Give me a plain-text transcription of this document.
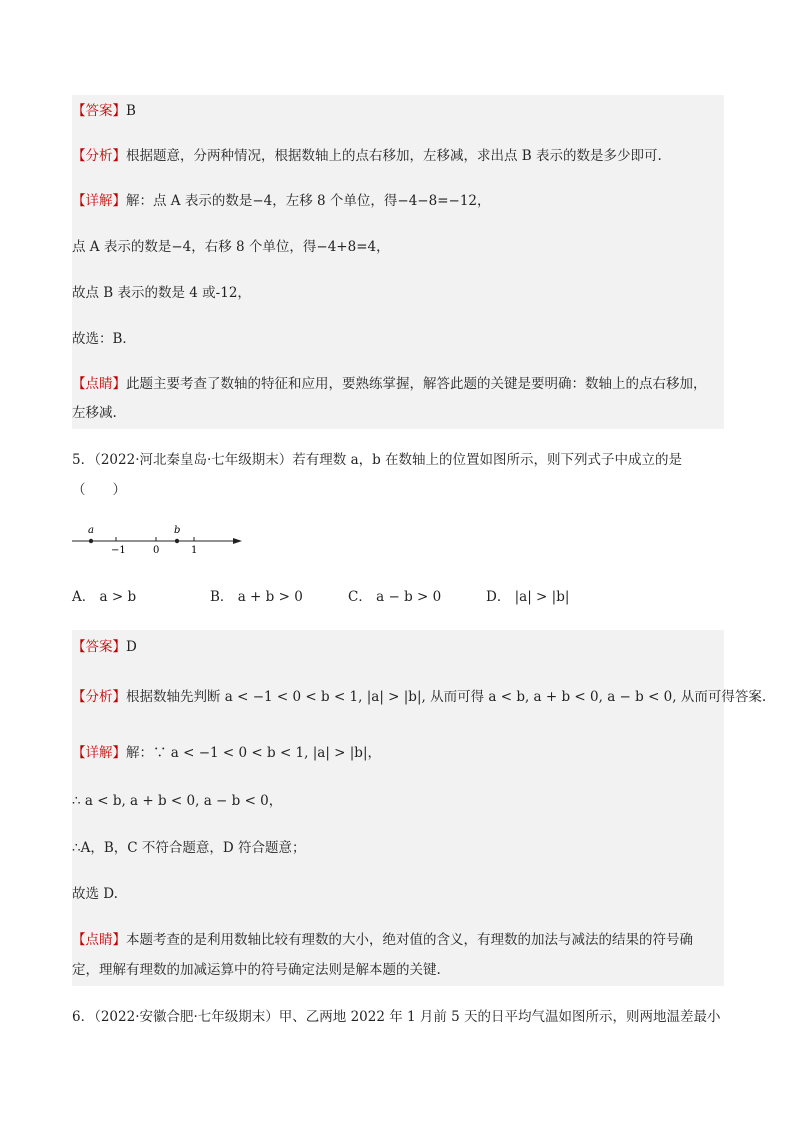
【答案】B
【分析】根据题意，分两种情况，根据数轴上的点右移加，左移减，求出点 B 表示的数是多少即可.
【详解】解：点 A 表示的数是−4，左移 8 个单位，得−4−8=−12，
点 A 表示的数是−4，右移 8 个单位，得−4+8=4，
故点 B 表示的数是 4 或-12，
故选：B．
【点睛】此题主要考查了数轴的特征和应用，要熟练掌握，解答此题的关键是要明确：数轴上的点右移加，
左移减.
5．（2022·河北秦皇岛·七年级期末）若有理数 a，b 在数轴上的位置如图所示，则下列式子中成立的是
（　　）
a	b
−1	0	1
A． a > b	B． a + b > 0	C． a − b > 0	D． |a| > |b|
【答案】D
【分析】根据数轴先判断 a < −1 < 0 < b < 1, |a| > |b|, 从而可得 a < b, a + b < 0, a − b < 0, 从而可得答案.
【详解】解：∵ a < −1 < 0 < b < 1, |a| > |b|，
∴ a < b, a + b < 0, a − b < 0，
∴A，B，C 不符合题意，D 符合题意；
故选 D.
【点睛】本题考查的是利用数轴比较有理数的大小，绝对值的含义，有理数的加法与减法的结果的符号确
定，理解有理数的加减运算中的符号确定法则是解本题的关键.
6．（2022·安徽合肥·七年级期末）甲、乙两地 2022 年 1 月前 5 天的日平均气温如图所示，则两地温差最小
